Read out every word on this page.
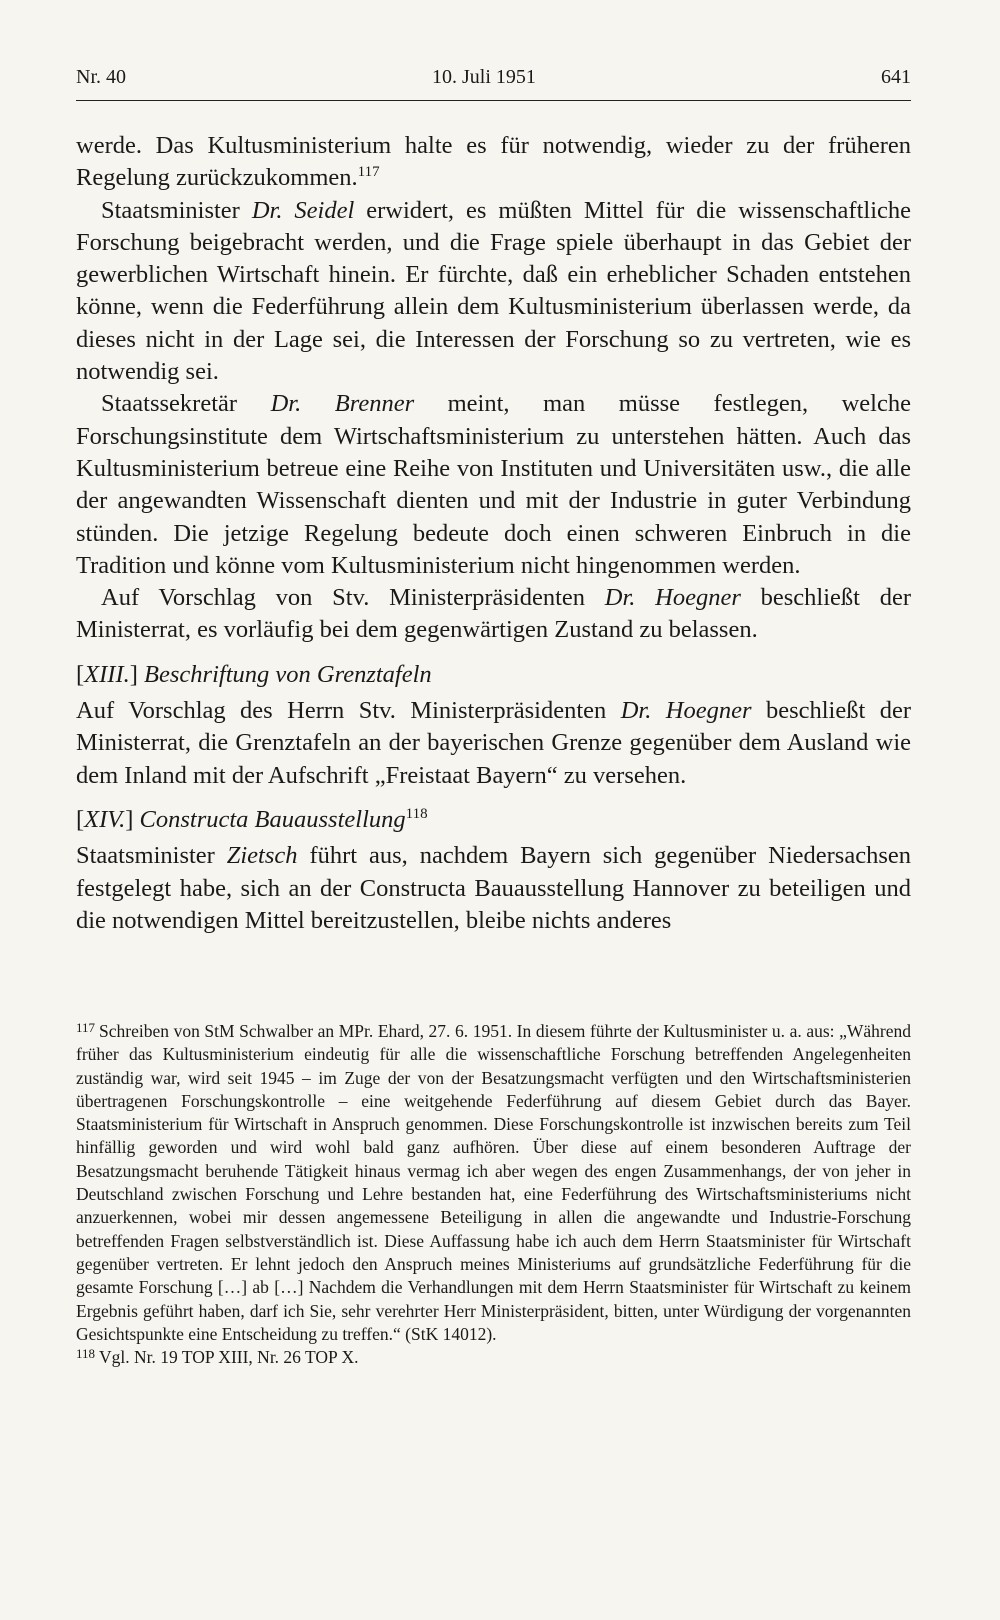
Nr. 40	10. Juli 1951	641

werde. Das Kultusministerium halte es für notwendig, wieder zu der früheren Regelung zurückzukommen.$^{117}$

Staatsminister Dr. Seidel erwidert, es müßten Mittel für die wissenschaftliche Forschung beigebracht werden, und die Frage spiele überhaupt in das Gebiet der gewerblichen Wirtschaft hinein. Er fürchte, daß ein erheblicher Schaden entstehen könne, wenn die Federführung allein dem Kultusministerium überlassen werde, da dieses nicht in der Lage sei, die Interessen der Forschung so zu vertreten, wie es notwendig sei.

Staatssekretär Dr. Brenner meint, man müsse festlegen, welche Forschungsinstitute dem Wirtschaftsministerium zu unterstehen hätten. Auch das Kultusministerium betreue eine Reihe von Instituten und Universitäten usw., die alle der angewandten Wissenschaft dienten und mit der Industrie in guter Verbindung stünden. Die jetzige Regelung bedeute doch einen schweren Einbruch in die Tradition und könne vom Kultusministerium nicht hingenommen werden.

Auf Vorschlag von Stv. Ministerpräsidenten Dr. Hoegner beschließt der Ministerrat, es vorläufig bei dem gegenwärtigen Zustand zu belassen.

[XIII.] Beschriftung von Grenztafeln

Auf Vorschlag des Herrn Stv. Ministerpräsidenten Dr. Hoegner beschließt der Ministerrat, die Grenztafeln an der bayerischen Grenze gegenüber dem Ausland wie dem Inland mit der Aufschrift „Freistaat Bayern“ zu versehen.

[XIV.] Constructa Bauausstellung$^{118}$

Staatsminister Zietsch führt aus, nachdem Bayern sich gegenüber Niedersachsen festgelegt habe, sich an der Constructa Bauausstellung Hannover zu beteiligen und die notwendigen Mittel bereitzustellen, bleibe nichts anderes

$^{117}$ Schreiben von StM Schwalber an MPr. Ehard, 27. 6. 1951. In diesem führte der Kultusminister u. a. aus: „Während früher das Kultusministerium eindeutig für alle die wissenschaftliche Forschung betreffenden Angelegenheiten zuständig war, wird seit 1945 – im Zuge der von der Besatzungsmacht verfügten und den Wirtschaftsministerien übertragenen Forschungskontrolle – eine weitgehende Federführung auf diesem Gebiet durch das Bayer. Staatsministerium für Wirtschaft in Anspruch genommen. Diese Forschungskontrolle ist inzwischen bereits zum Teil hinfällig geworden und wird wohl bald ganz aufhören. Über diese auf einem besonderen Auftrage der Besatzungsmacht beruhende Tätigkeit hinaus vermag ich aber wegen des engen Zusammenhangs, der von jeher in Deutschland zwischen Forschung und Lehre bestanden hat, eine Federführung des Wirtschaftsministeriums nicht anzuerkennen, wobei mir dessen angemessene Beteiligung in allen die angewandte und Industrie-Forschung betreffenden Fragen selbstverständlich ist. Diese Auffassung habe ich auch dem Herrn Staatsminister für Wirtschaft gegenüber vertreten. Er lehnt jedoch den Anspruch meines Ministeriums auf grundsätzliche Federführung für die gesamte Forschung […] ab […] Nachdem die Verhandlungen mit dem Herrn Staatsminister für Wirtschaft zu keinem Ergebnis geführt haben, darf ich Sie, sehr verehrter Herr Ministerpräsident, bitten, unter Würdigung der vorgenannten Gesichtspunkte eine Entscheidung zu treffen.“ (StK 14012).

$^{118}$ Vgl. Nr. 19 TOP XIII, Nr. 26 TOP X.
